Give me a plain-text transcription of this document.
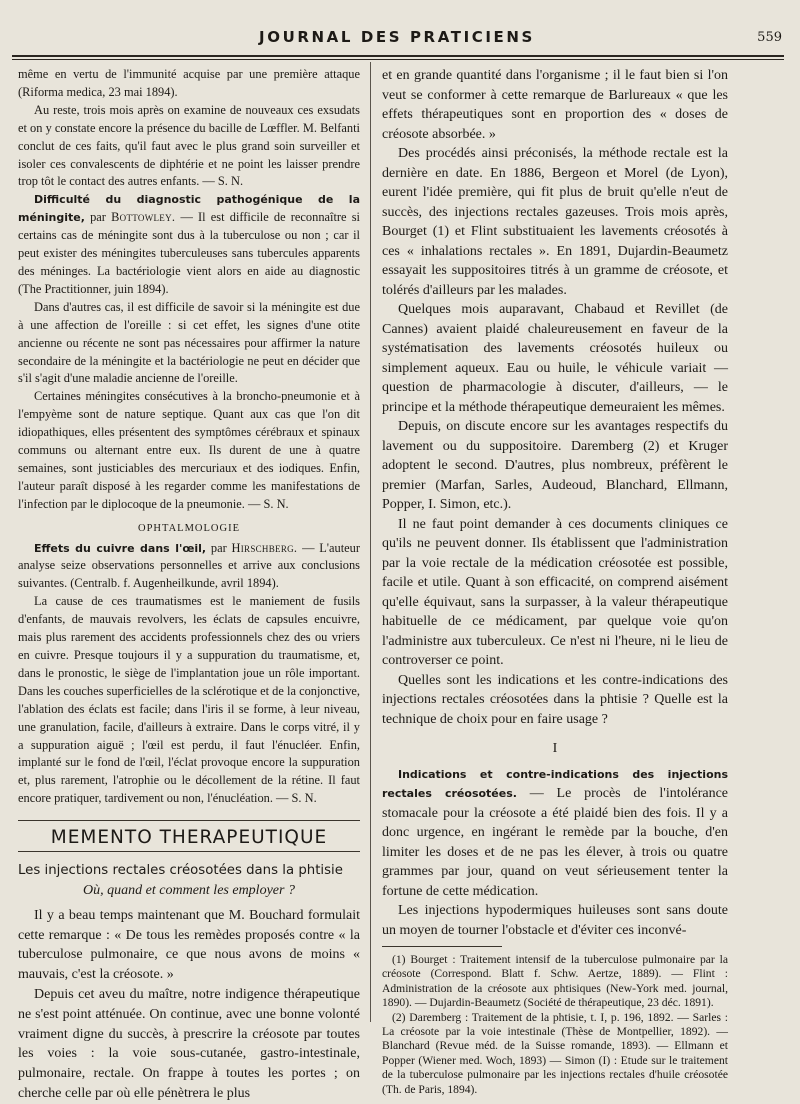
JOURNAL DES PRATICIENS	559

même en vertu de l'immunité acquise par une première attaque (Riforma medica, 23 mai 1894).

Au reste, trois mois après on examine de nouveaux ces exsudats et on y constate encore la présence du bacille de Lœffler. M. Belfanti conclut de ces faits, qu'il faut avec le plus grand soin surveiller et isoler ces convalescents de diphtérie et ne point les laisser prendre trop tôt le contact des autres enfants. — S. N.

Difficulté du diagnostic pathogénique de la méningite, par Bottowley. — Il est difficile de reconnaître si certains cas de méningite sont dus à la tuberculose ou non ; car il peut exister des méningites tuberculeuses sans tubercules apparents des méninges. La bactériologie vient alors en aide au diagnostic (The Practitionner, juin 1894).

Dans d'autres cas, il est difficile de savoir si la méningite est due à une affection de l'oreille : si cet effet, les signes d'une otite ancienne ou récente ne sont pas nécessaires pour affirmer la nature secondaire de la méningite et la bactériologie ne peut en décider que s'il s'agit d'une maladie ancienne de l'oreille.

Certaines méningites consécutives à la broncho-pneumonie et à l'empyème sont de nature septique. Quant aux cas que l'on dit idiopathiques, elles présentent des symptômes cérébraux et spinaux communs ou alternant entre eux. Ils durent de une à quatre semaines, sont justiciables des mercuriaux et des iodiques. Enfin, l'auteur paraît disposé à les regarder comme les manifestations de l'infection par le diplocoque de la pneumonie. — S. N.

OPHTALMOLOGIE

Effets du cuivre dans l'œil, par Hirschberg. — L'auteur analyse seize observations personnelles et arrive aux conclusions suivantes. (Centralb. f. Augenheilkunde, avril 1894).

La cause de ces traumatismes est le maniement de fusils d'enfants, de mauvais revolvers, les éclats de capsules encuivre, mais plus rarement des accidents professionnels chez des ou vriers en cuivre. Presque toujours il y a suppuration du traumatisme, et, dans le pronostic, le siège de l'implantation joue un rôle important. Dans les couches superficielles de la sclérotique et de la conjonctive, l'ablation des éclats est facile; dans l'iris il se forme, à leur niveau, une granulation, facile, d'ailleurs à extraire. Dans le corps vitré, il y a suppuration aiguë ; l'œil est perdu, il faut l'énucléer. Enfin, implanté sur le fond de l'œil, l'éclat provoque encore la suppuration et, plus rarement, l'atrophie ou le décollement de la rétine. Il faut encore pratiquer, tardivement ou non, l'énucléation. — S. N.

MEMENTO THERAPEUTIQUE
Les injections rectales créosotées dans la phtisie
Où, quand et comment les employer ?

Il y a beau temps maintenant que M. Bouchard formulait cette remarque : « De tous les remèdes proposés contre « la tuberculose pulmonaire, ce que nous avons de moins « mauvais, c'est la créosote. »

Depuis cet aveu du maître, notre indigence thérapeutique ne s'est point atténuée. On continue, avec une bonne volonté vraiment digne du succès, à prescrire la créosote par toutes les voies : la voie sous-cutanée, gastro-intestinale, pulmonaire, rectale. On frappe à toutes les portes ; on cherche celle par où elle pénètrera le plus

et en grande quantité dans l'organisme ; il le faut bien si l'on veut se conformer à cette remarque de Barlureaux « que les effets thérapeutiques sont en proportion des « doses de créosote absorbée. »

Des procédés ainsi préconisés, la méthode rectale est la dernière en date. En 1886, Bergeon et Morel (de Lyon), eurent l'idée première, qui fit plus de bruit qu'elle n'eut de succès, des injections rectales gazeuses. Trois mois après, Bourget (1) et Flint substituaient les lavements créosotés à ces « inhalations rectales ». En 1891, Dujardin-Beaumetz essayait les suppositoires titrés à un gramme de créosote, et tolérés d'ailleurs par les malades.

Quelques mois auparavant, Chabaud et Revillet (de Cannes) avaient plaidé chaleureusement en faveur de la systématisation des lavements créosotés huileux ou simplement aqueux. Eau ou huile, le véhicule variait — question de pharmacologie à discuter, d'ailleurs, — le principe et la méthode thérapeutique demeuraient les mêmes.

Depuis, on discute encore sur les avantages respectifs du lavement ou du suppositoire. Daremberg (2) et Kruger adoptent le second. D'autres, plus nombreux, préfèrent le premier (Marfan, Sarles, Audeoud, Blanchard, Ellmann, Popper, I. Simon, etc.).

Il ne faut point demander à ces documents cliniques ce qu'ils ne peuvent donner. Ils établissent que l'administration par la voie rectale de la médication créosotée est possible, facile et utile. Quant à son efficacité, on comprend aisément qu'elle équivaut, sans la surpasser, à la valeur thérapeutique habituelle de ce médicament, par quelque voie qu'on l'administre aux tuberculeux. Ce n'est ni l'heure, ni le lieu de controverser ce point.

Quelles sont les indications et les contre-indications des injections rectales créosotées dans la phtisie ? Quelle est la technique de choix pour en faire usage ?

I

Indications et contre-indications des injections rectales créosotées. — Le procès de l'intolérance stomacale pour la créosote a été plaidé bien des fois. Il y a donc urgence, en ingérant le remède par la bouche, d'en limiter les doses et de ne pas les élever, à trois ou quatre grammes par jour, quand on veut sérieusement tenter la fortune de cette médication.

Les injections hypodermiques huileuses sont sans doute un moyen de tourner l'obstacle et d'éviter ces inconvé-

(1) Bourget : Traitement intensif de la tuberculose pulmonaire par la créosote (Correspond. Blatt f. Schw. Aertze, 1889). — Flint : Administration de la créosote aux phtisiques (New-York med. journal, 1890). — Dujardin-Beaumetz (Société de thérapeutique, 23 déc. 1891).

(2) Daremberg : Traitement de la phtisie, t. I, p. 196, 1892. — Sarles : La créosote par la voie intestinale (Thèse de Montpellier, 1892). — Blanchard (Revue méd. de la Suisse romande, 1893). — Ellmann et Popper (Wiener med. Woch, 1893) — Simon (I) : Etude sur le traitement de la tuberculose pulmonaire par les injections rectales d'huile créosotée (Th. de Paris, 1894).
